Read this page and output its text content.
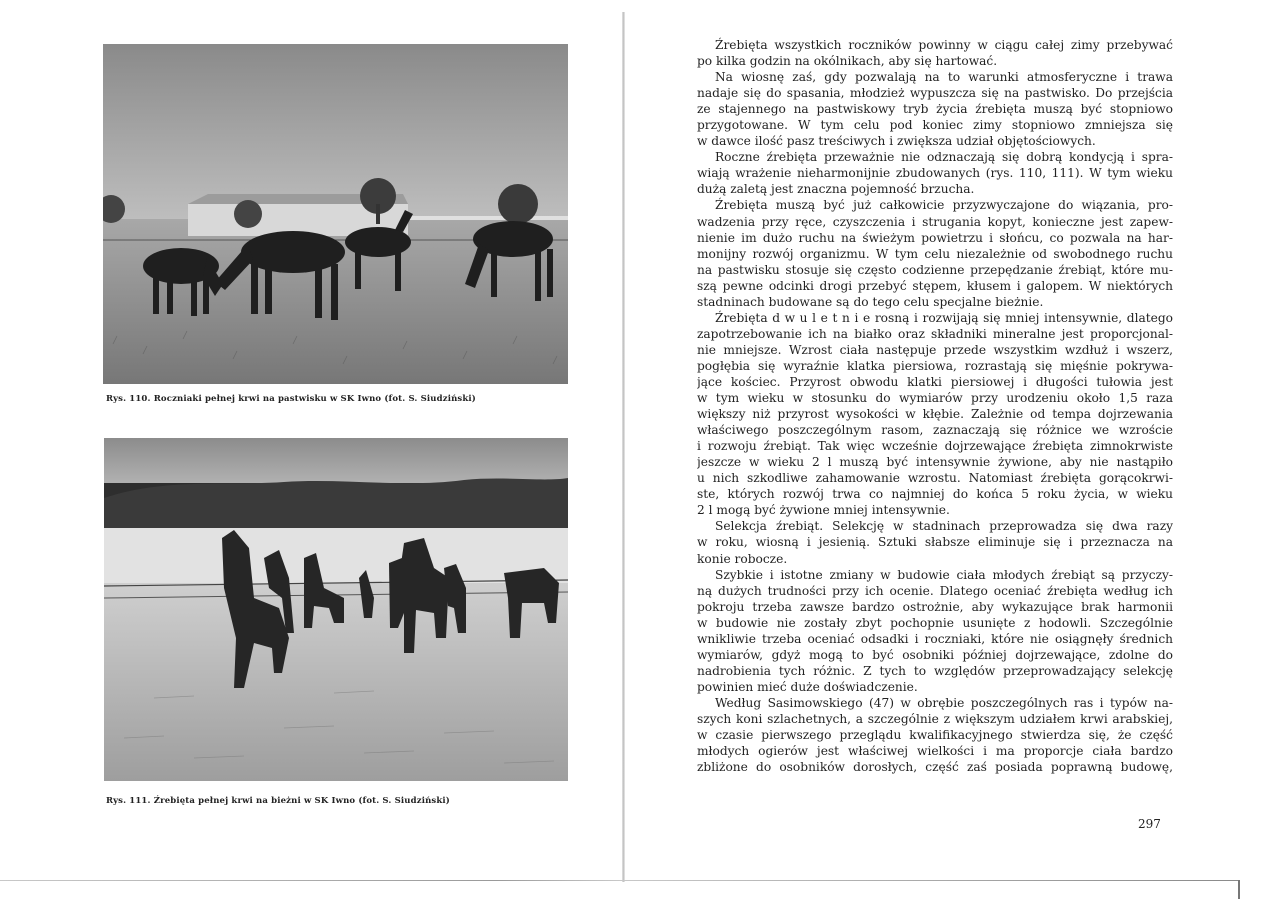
Rys. 110. Roczniaki pełnej krwi na pastwisku w SK Iwno (fot. S. Siudziński)
Rys. 111. Źrebięta pełnej krwi na bieżni w SK Iwno (fot. S. Siudziński)
Źrebięta wszystkich roczników powinny w ciągu całej zimy przebywać
po kilka godzin na okólnikach, aby się hartować.
Na wiosnę zaś, gdy pozwalają na to warunki atmosferyczne i trawa
nadaje się do spasania, młodzież wypuszcza się na pastwisko. Do przejścia
ze stajennego na pastwiskowy tryb życia źrebięta muszą być stopniowo
przygotowane. W tym celu pod koniec zimy stopniowo zmniejsza się
w dawce ilość pasz treściwych i zwiększa udział objętościowych.
Roczne źrebięta przeważnie nie odznaczają się dobrą kondycją i spra-
wiają wrażenie nieharmonijnie zbudowanych (rys. 110, 111). W tym wieku
dużą zaletą jest znaczna pojemność brzucha.
Źrebięta muszą być już całkowicie przyzwyczajone do wiązania, pro-
wadzenia przy ręce, czyszczenia i strugania kopyt, konieczne jest zapew-
nienie im dużo ruchu na świeżym powietrzu i słońcu, co pozwala na har-
monijny rozwój organizmu. W tym celu niezależnie od swobodnego ruchu
na pastwisku stosuje się często codzienne przepędzanie źrebiąt, które mu-
szą pewne odcinki drogi przebyć stępem, kłusem i galopem. W niektórych
stadninach budowane są do tego celu specjalne bieżnie.
Źrebięta d w u l e t n i e rosną i rozwijają się mniej intensywnie, dlatego
zapotrzebowanie ich na białko oraz składniki mineralne jest proporcjonal-
nie mniejsze. Wzrost ciała następuje przede wszystkim wzdłuż i wszerz,
pogłębia się wyraźnie klatka piersiowa, rozrastają się mięśnie pokrywa-
jące kościec. Przyrost obwodu klatki piersiowej i długości tułowia jest
w tym wieku w stosunku do wymiarów przy urodzeniu około 1,5 raza
większy niż przyrost wysokości w kłębie. Zależnie od tempa dojrzewania
właściwego poszczególnym rasom, zaznaczają się różnice we wzroście
i rozwoju źrebiąt. Tak więc wcześnie dojrzewające źrebięta zimnokrwiste
jeszcze w wieku 2 l muszą być intensywnie żywione, aby nie nastąpiło
u nich szkodliwe zahamowanie wzrostu. Natomiast źrebięta gorącokrwi-
ste, których rozwój trwa co najmniej do końca 5 roku życia, w wieku
2 l mogą być żywione mniej intensywnie.
Selekcja źrebiąt. Selekcję w stadninach przeprowadza się dwa razy
w roku, wiosną i jesienią. Sztuki słabsze eliminuje się i przeznacza na
konie robocze.
Szybkie i istotne zmiany w budowie ciała młodych źrebiąt są przyczy-
ną dużych trudności przy ich ocenie. Dlatego oceniać źrebięta według ich
pokroju trzeba zawsze bardzo ostrożnie, aby wykazujące brak harmonii
w budowie nie zostały zbyt pochopnie usunięte z hodowli. Szczególnie
wnikliwie trzeba oceniać odsadki i roczniaki, które nie osiągnęły średnich
wymiarów, gdyż mogą to być osobniki później dojrzewające, zdolne do
nadrobienia tych różnic. Z tych to względów przeprowadzający selekcję
powinien mieć duże doświadczenie.
Według Sasimowskiego (47) w obrębie poszczególnych ras i typów na-
szych koni szlachetnych, a szczególnie z większym udziałem krwi arabskiej,
w czasie pierwszego przeglądu kwalifikacyjnego stwierdza się, że część
młodych ogierów jest właściwej wielkości i ma proporcje ciała bardzo
zbliżone do osobników dorosłych, część zaś posiada poprawną budowę,
297
